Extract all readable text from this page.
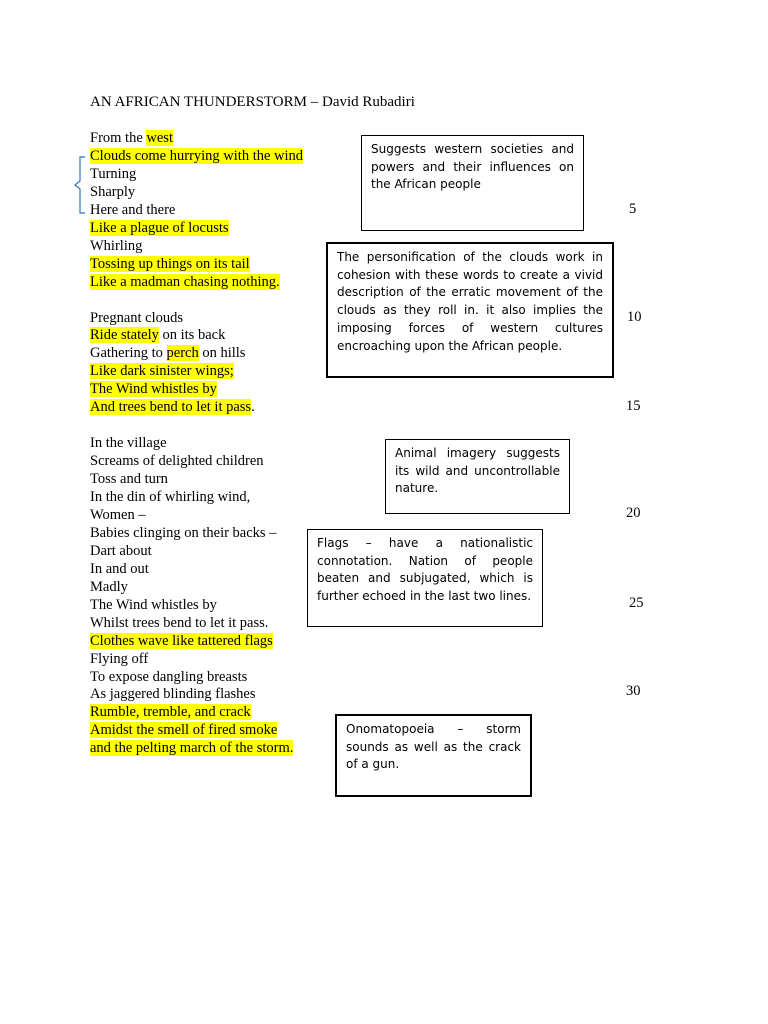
AN AFRICAN THUNDERSTORM – David Rubadiri
From the west
Clouds come hurrying with the wind
Turning
Sharply
Here and there
Like a plague of locusts
Whirling
Tossing up things on its tail
Like a madman chasing nothing.
Pregnant clouds
Ride stately on its back
Gathering to perch on hills
Like dark sinister wings;
The Wind whistles by
And trees bend to let it pass.
In the village
Screams of delighted children
Toss and turn
In the din of whirling wind,
Women –
Babies clinging on their backs –
Dart about
In and out
Madly
The Wind whistles by
Whilst trees bend to let it pass.
Clothes wave like tattered flags
Flying off
To expose dangling breasts
As jaggered blinding flashes
Rumble, tremble, and crack
Amidst the smell of fired smoke
and the pelting march of the storm.
5
10
15
20
25
30
Suggests western societies and powers and their influences on the African people
The personification of the clouds work in cohesion with these words to create a vivid description of the erratic movement of the clouds as they roll in. it also implies the imposing forces of western cultures encroaching upon the African people.
Animal imagery suggests its wild and uncontrollable nature.
Flags – have a nationalistic connotation. Nation of people beaten and subjugated, which is further echoed in the last two lines.
Onomatopoeia – storm sounds as well as the crack of a gun.
